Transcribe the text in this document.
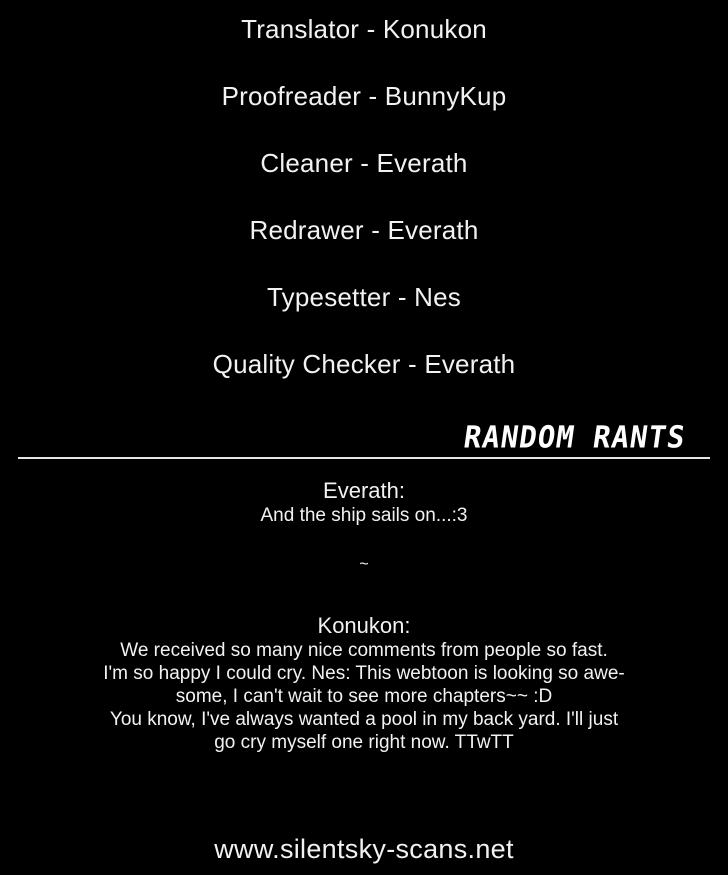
Translator - Konukon
Proofreader - BunnyKup
Cleaner - Everath
Redrawer - Everath
Typesetter - Nes
Quality Checker - Everath
RANDOM RANTS
Everath:
And the ship sails on...:3
~
Konukon:
We received so many nice comments from people so fast.
I'm so happy I could cry. Nes: This webtoon is looking so awe-
some, I can't wait to see more chapters~~ :D
You know, I've always wanted a pool in my back yard. I'll just
go cry myself one right now. TTwTT
www.silentsky-scans.net
